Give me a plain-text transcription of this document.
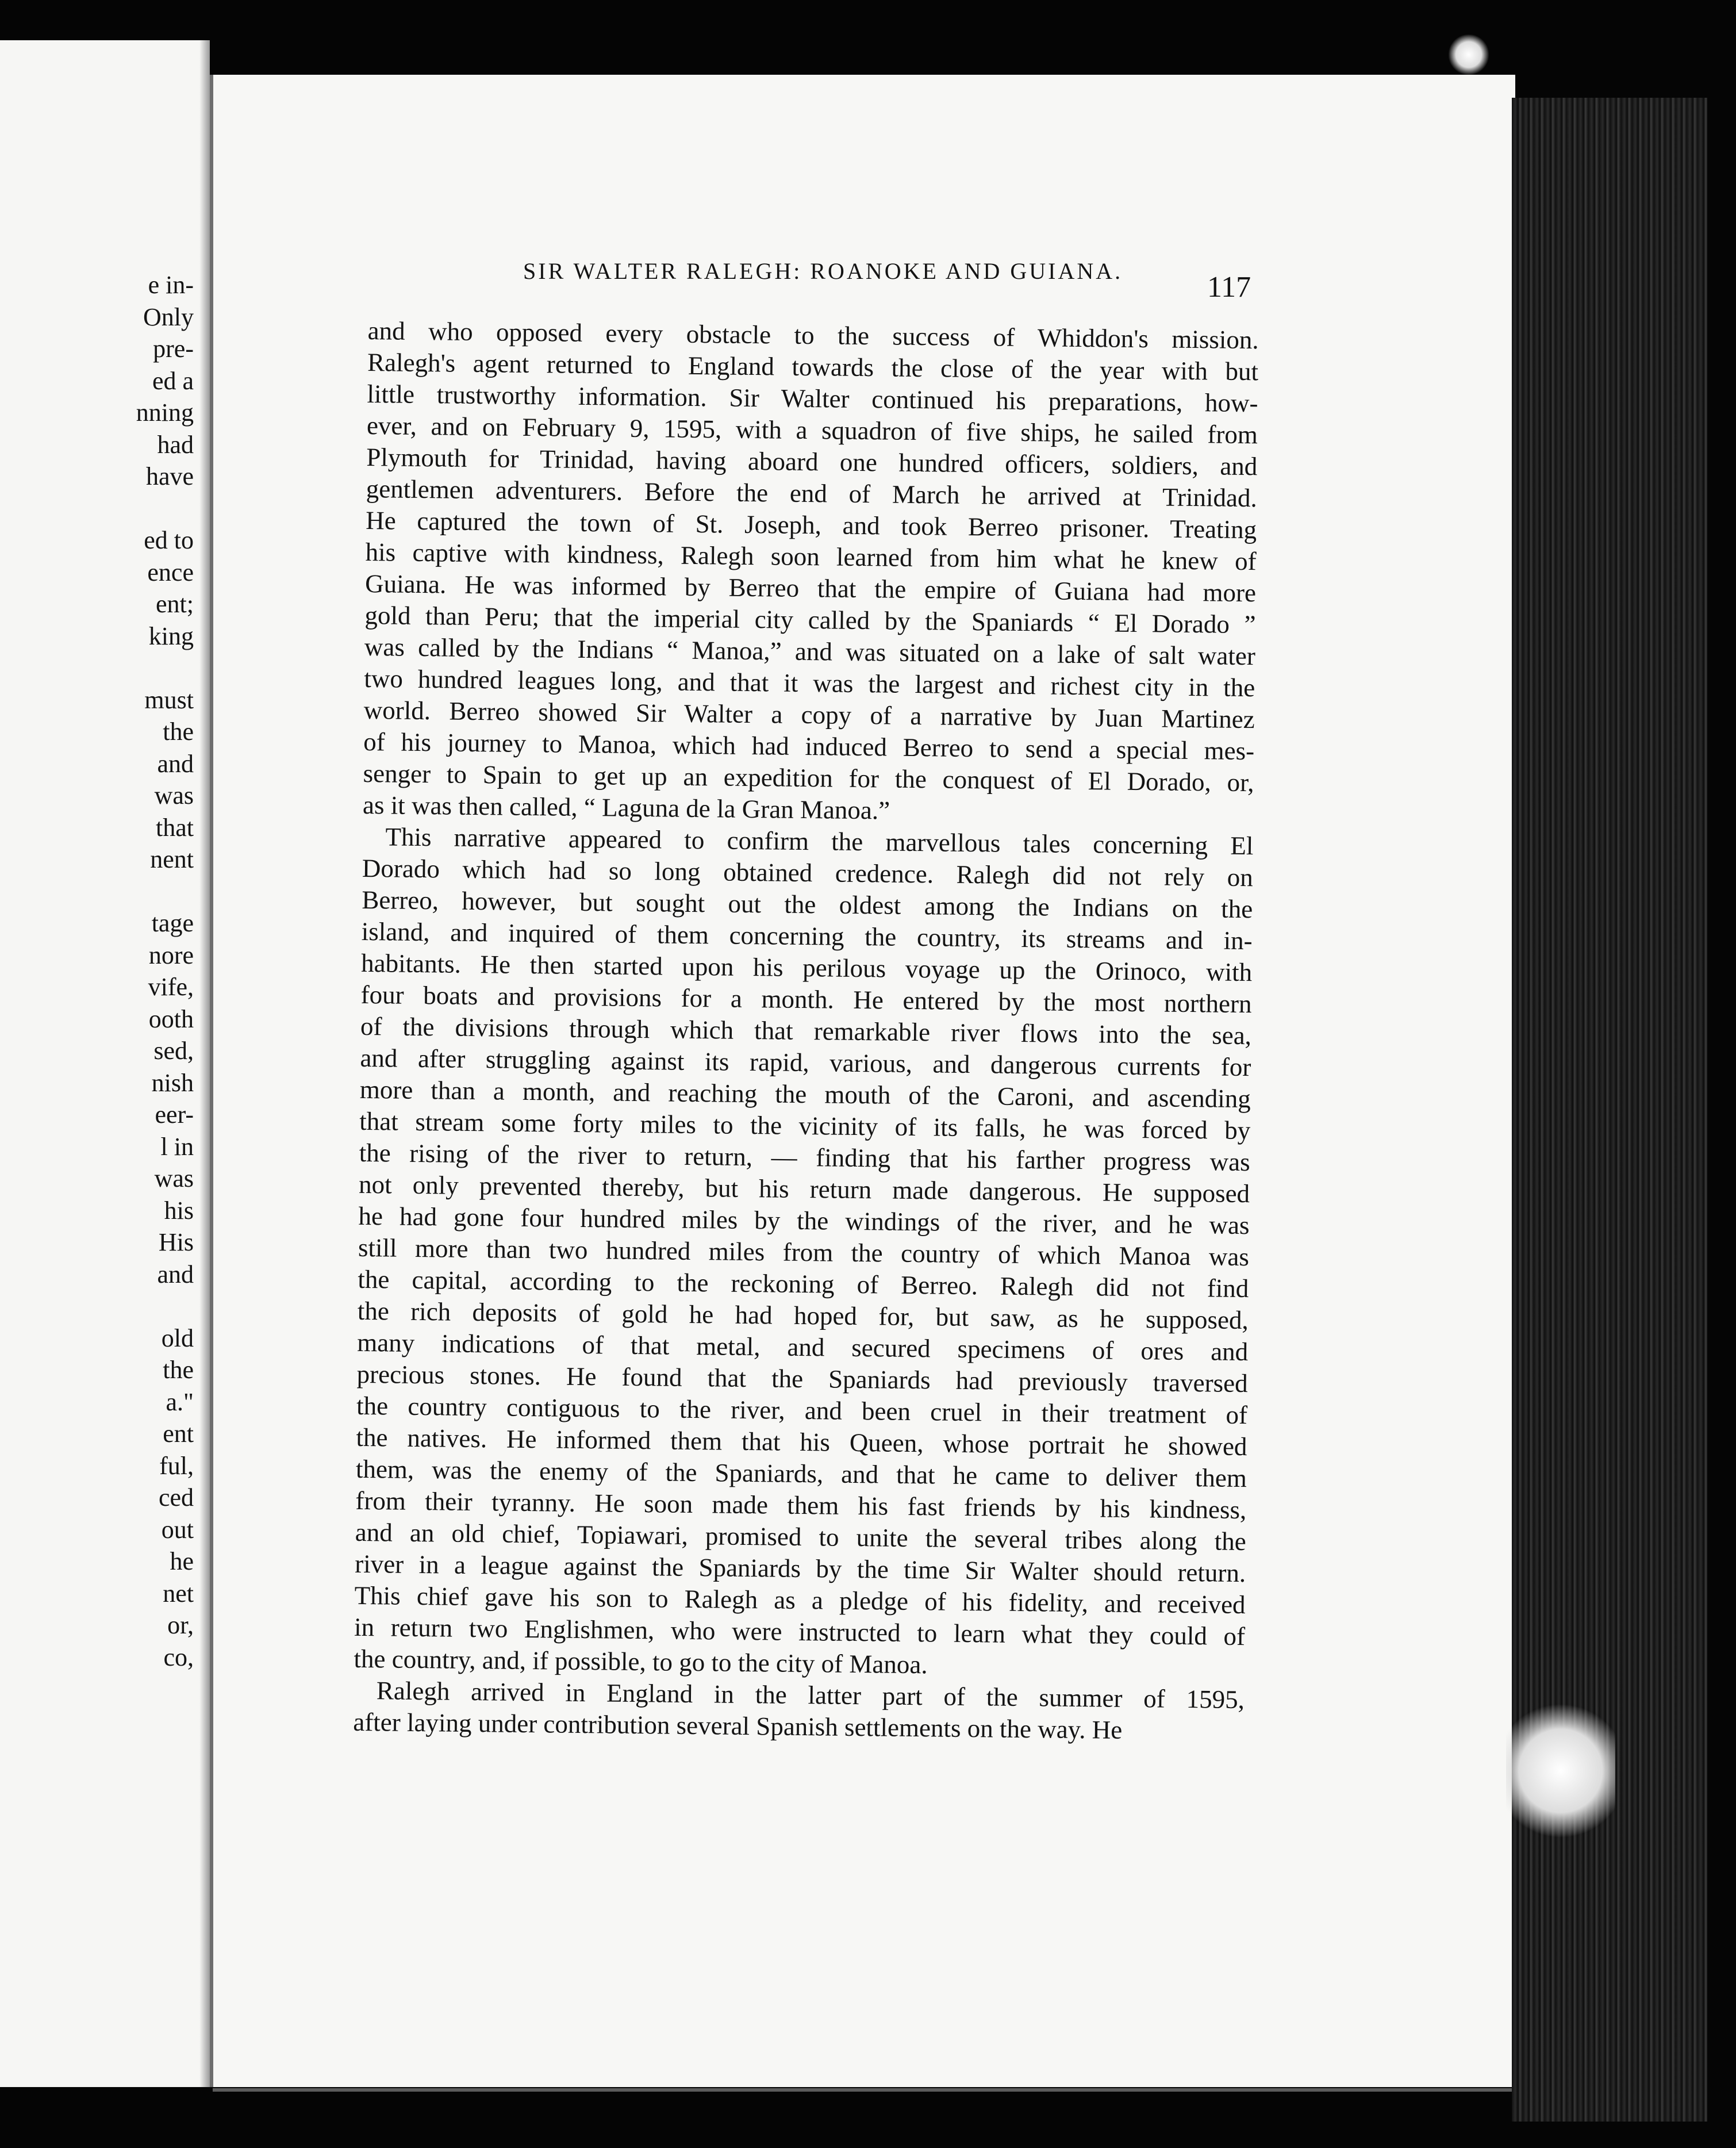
e in-
Only
pre-
ed a
nning
had
have
ed to
ence
ent;
king
must
the
and
was
that
nent
tage
nore
vife,
ooth
sed,
nish
eer-
l in
was
his
His
and
old
the
a."
ent
ful,
ced
out
he
net
or,
co,
SIR WALTER RALEGH: ROANOKE AND GUIANA.	117
and who opposed every obstacle to the success of Whiddon's mission.
Ralegh's agent returned to England towards the close of the year with but
little trustworthy information. Sir Walter continued his preparations, how-
ever, and on February 9, 1595, with a squadron of five ships, he sailed from
Plymouth for Trinidad, having aboard one hundred officers, soldiers, and
gentlemen adventurers. Before the end of March he arrived at Trinidad.
He captured the town of St. Joseph, and took Berreo prisoner. Treating
his captive with kindness, Ralegh soon learned from him what he knew of
Guiana. He was informed by Berreo that the empire of Guiana had more
gold than Peru; that the imperial city called by the Spaniards “ El Dorado ”
was called by the Indians “ Manoa,” and was situated on a lake of salt water
two hundred leagues long, and that it was the largest and richest city in the
world. Berreo showed Sir Walter a copy of a narrative by Juan Martinez
of his journey to Manoa, which had induced Berreo to send a special mes-
senger to Spain to get up an expedition for the conquest of El Dorado, or,
as it was then called, “ Laguna de la Gran Manoa.”
This narrative appeared to confirm the marvellous tales concerning El
Dorado which had so long obtained credence. Ralegh did not rely on
Berreo, however, but sought out the oldest among the Indians on the
island, and inquired of them concerning the country, its streams and in-
habitants. He then started upon his perilous voyage up the Orinoco, with
four boats and provisions for a month. He entered by the most northern
of the divisions through which that remarkable river flows into the sea,
and after struggling against its rapid, various, and dangerous currents for
more than a month, and reaching the mouth of the Caroni, and ascending
that stream some forty miles to the vicinity of its falls, he was forced by
the rising of the river to return, — finding that his farther progress was
not only prevented thereby, but his return made dangerous. He supposed
he had gone four hundred miles by the windings of the river, and he was
still more than two hundred miles from the country of which Manoa was
the capital, according to the reckoning of Berreo. Ralegh did not find
the rich deposits of gold he had hoped for, but saw, as he supposed,
many indications of that metal, and secured specimens of ores and
precious stones. He found that the Spaniards had previously traversed
the country contiguous to the river, and been cruel in their treatment of
the natives. He informed them that his Queen, whose portrait he showed
them, was the enemy of the Spaniards, and that he came to deliver them
from their tyranny. He soon made them his fast friends by his kindness,
and an old chief, Topiawari, promised to unite the several tribes along the
river in a league against the Spaniards by the time Sir Walter should return.
This chief gave his son to Ralegh as a pledge of his fidelity, and received
in return two Englishmen, who were instructed to learn what they could of
the country, and, if possible, to go to the city of Manoa.
Ralegh arrived in England in the latter part of the summer of 1595,
after laying under contribution several Spanish settlements on the way. He
